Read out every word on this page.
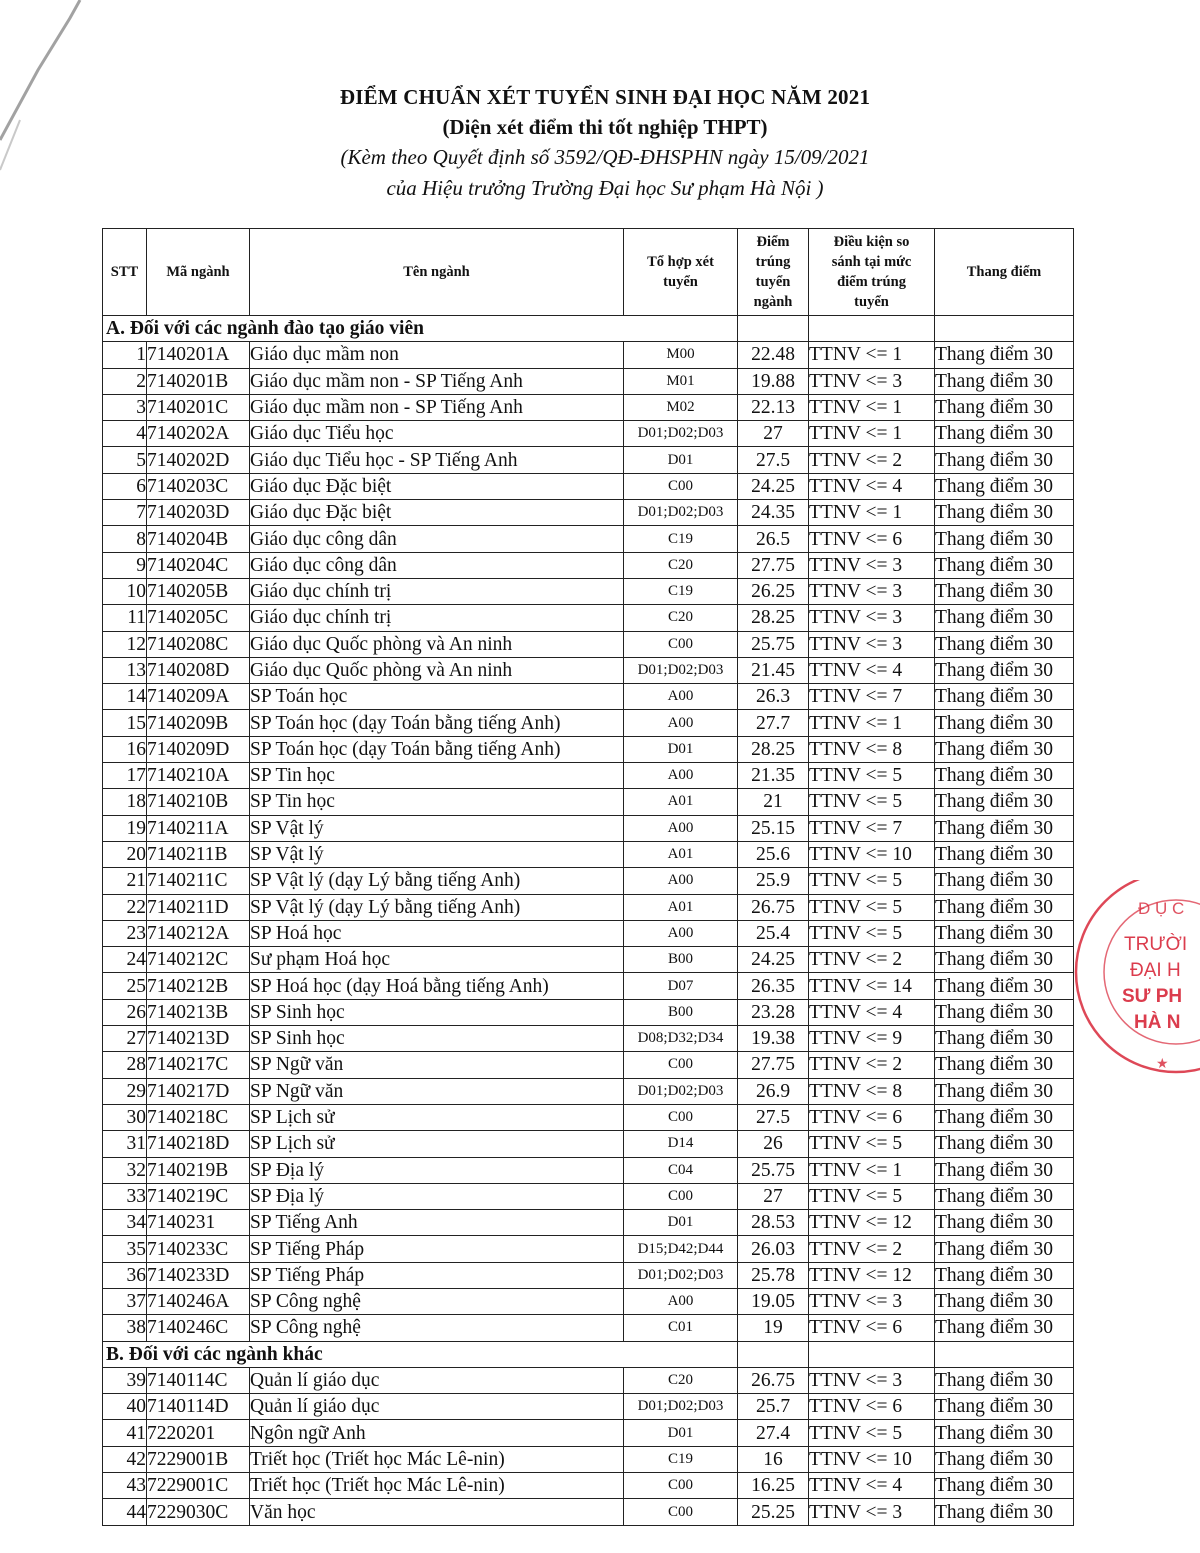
ĐIỂM CHUẨN XÉT TUYỂN SINH ĐẠI HỌC NĂM 2021
(Diện xét điểm thi tốt nghiệp THPT)
(Kèm theo Quyết định số 3592/QĐ-ĐHSPHN ngày 15/09/2021
của Hiệu trưởng Trường Đại học Sư phạm Hà Nội )
STT	Mã ngành	Tên ngành	Tổ hợp xét tuyển	Điểm trúng tuyển ngành	Điều kiện so sánh tại mức điểm trúng tuyển	Thang điểm
A. Đối với các ngành đào tạo giáo viên						
1	7140201A	Giáo dục mầm non	M00	22.48	TTNV <= 1	Thang điểm 30
2	7140201B	Giáo dục mầm non - SP Tiếng Anh	M01	19.88	TTNV <= 3	Thang điểm 30
3	7140201C	Giáo dục mầm non - SP Tiếng Anh	M02	22.13	TTNV <= 1	Thang điểm 30
4	7140202A	Giáo dục Tiểu học	D01;D02;D03	27	TTNV <= 1	Thang điểm 30
5	7140202D	Giáo dục Tiểu học - SP Tiếng Anh	D01	27.5	TTNV <= 2	Thang điểm 30
6	7140203C	Giáo dục Đặc biệt	C00	24.25	TTNV <= 4	Thang điểm 30
7	7140203D	Giáo dục Đặc biệt	D01;D02;D03	24.35	TTNV <= 1	Thang điểm 30
8	7140204B	Giáo dục công dân	C19	26.5	TTNV <= 6	Thang điểm 30
9	7140204C	Giáo dục công dân	C20	27.75	TTNV <= 3	Thang điểm 30
10	7140205B	Giáo dục chính trị	C19	26.25	TTNV <= 3	Thang điểm 30
11	7140205C	Giáo dục chính trị	C20	28.25	TTNV <= 3	Thang điểm 30
12	7140208C	Giáo dục Quốc phòng và An ninh	C00	25.75	TTNV <= 3	Thang điểm 30
13	7140208D	Giáo dục Quốc phòng và An ninh	D01;D02;D03	21.45	TTNV <= 4	Thang điểm 30
14	7140209A	SP Toán học	A00	26.3	TTNV <= 7	Thang điểm 30
15	7140209B	SP Toán học (dạy Toán bằng tiếng Anh)	A00	27.7	TTNV <= 1	Thang điểm 30
16	7140209D	SP Toán học (dạy Toán bằng tiếng Anh)	D01	28.25	TTNV <= 8	Thang điểm 30
17	7140210A	SP Tin học	A00	21.35	TTNV <= 5	Thang điểm 30
18	7140210B	SP Tin học	A01	21	TTNV <= 5	Thang điểm 30
19	7140211A	SP Vật lý	A00	25.15	TTNV <= 7	Thang điểm 30
20	7140211B	SP Vật lý	A01	25.6	TTNV <= 10	Thang điểm 30
21	7140211C	SP Vật lý (dạy Lý bằng tiếng Anh)	A00	25.9	TTNV <= 5	Thang điểm 30
22	7140211D	SP Vật lý (dạy Lý bằng tiếng Anh)	A01	26.75	TTNV <= 5	Thang điểm 30
23	7140212A	SP Hoá học	A00	25.4	TTNV <= 5	Thang điểm 30
24	7140212C	Sư phạm Hoá học	B00	24.25	TTNV <= 2	Thang điểm 30
25	7140212B	SP Hoá học (dạy Hoá bằng tiếng Anh)	D07	26.35	TTNV <= 14	Thang điểm 30
26	7140213B	SP Sinh học	B00	23.28	TTNV <= 4	Thang điểm 30
27	7140213D	SP Sinh học	D08;D32;D34	19.38	TTNV <= 9	Thang điểm 30
28	7140217C	SP Ngữ văn	C00	27.75	TTNV <= 2	Thang điểm 30
29	7140217D	SP Ngữ văn	D01;D02;D03	26.9	TTNV <= 8	Thang điểm 30
30	7140218C	SP Lịch sử	C00	27.5	TTNV <= 6	Thang điểm 30
31	7140218D	SP Lịch sử	D14	26	TTNV <= 5	Thang điểm 30
32	7140219B	SP Địa lý	C04	25.75	TTNV <= 1	Thang điểm 30
33	7140219C	SP Địa lý	C00	27	TTNV <= 5	Thang điểm 30
34	7140231	SP Tiếng Anh	D01	28.53	TTNV <= 12	Thang điểm 30
35	7140233C	SP Tiếng Pháp	D15;D42;D44	26.03	TTNV <= 2	Thang điểm 30
36	7140233D	SP Tiếng Pháp	D01;D02;D03	25.78	TTNV <= 12	Thang điểm 30
37	7140246A	SP Công nghệ	A00	19.05	TTNV <= 3	Thang điểm 30
38	7140246C	SP Công nghệ	C01	19	TTNV <= 6	Thang điểm 30
B. Đối với các ngành khác						
39	7140114C	Quản lí giáo dục	C20	26.75	TTNV <= 3	Thang điểm 30
40	7140114D	Quản lí giáo dục	D01;D02;D03	25.7	TTNV <= 6	Thang điểm 30
41	7220201	Ngôn ngữ Anh	D01	27.4	TTNV <= 5	Thang điểm 30
42	7229001B	Triết học (Triết học Mác Lê-nin)	C19	16	TTNV <= 10	Thang điểm 30
43	7229001C	Triết học (Triết học Mác Lê-nin)	C00	16.25	TTNV <= 4	Thang điểm 30
44	7229030C	Văn học	C00	25.25	TTNV <= 3	Thang điểm 30
Đ Ụ C
TRƯỜI
ĐẠI H
SƯ PH
HÀ N
★
